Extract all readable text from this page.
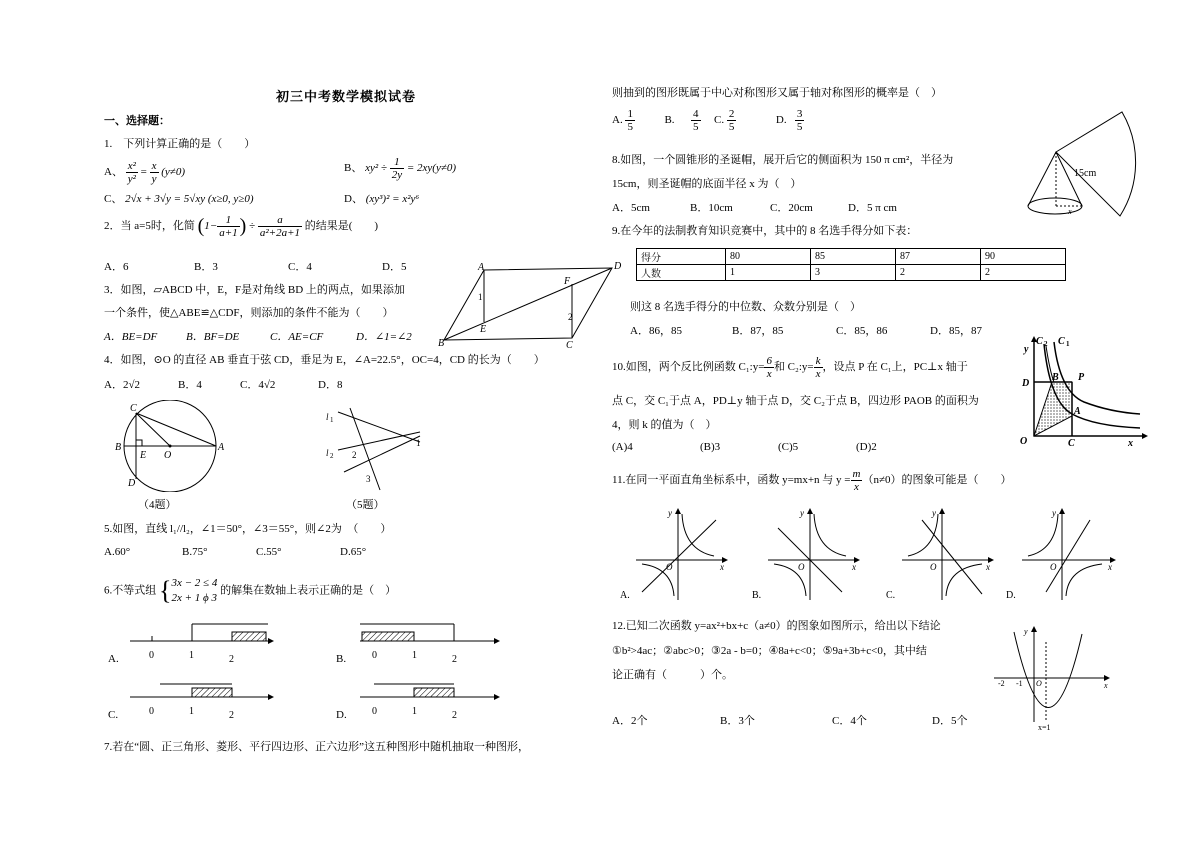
初三中考数学模拟试卷
一、选择题：
1.　下列计算正确的是（　　）
A、 $\frac{\text{x²}}{\text{y²}} = \frac{x}{y} (y\ne 0)$	B、 $xy^2 \div \frac{1}{2y} = 2xy(y\ne 0)$
C、 2√x + 3√y = 5√xy (x≥0, y≥0)	D、 (xy³)² = x²y⁶
2．当 a=5时，化简 ($1- \frac{1}{a+1}$ ) ÷ $\frac{a}{\text{a²+2a+1}}$ 的结果是(　　)
A．6	B．3	C．4	D．5
3．如图，▱ABCD 中，E，F是对角线 BD 上的两点，如果添加
一个条件，使△ABE≌△CDF，则添加的条件不能为（　　）
A．BE=DF	B．BF=DE	C．AE=CF	D．∠1=∠2
A	D
B	C
E
F
1
2
4．如图，⊙O 的直径 AB 垂直于弦 CD，垂足为 E，∠A=22.5°，OC=4，CD 的长为（　　）
A．2√2	B．4	C．4√2	D．8
C
B	A
E O
D
（4题）
l 1
l 2
1
2
3
（5题）
5.如图，直线 l₁//l₂，∠1＝50°，∠3＝55°，则∠2为　（　　）
A.60°	B.75°	C.55°	D.65°
6.不等式组 { 3x − 2 ≤ 4
2x + 1 ϕ 3
的解集在数轴上表示正确的是（　）
A.	0	1	2	B.	0	1	2
C.	0	1	2	D.	0	1	2
7.若在“圆、正三角形、菱形、平行四边形、正六边形”这五种图形中随机抽取一种图形，
则抽到的图形既属于中心对称图形又属于轴对称图形的概率是（　）
A. $\frac{1}{5}$	B. $\frac{4}{5} C$. $\frac{2}{5}$	D. $\frac{3}{5}$
8.如图，一个圆锥形的圣诞帽，展开后它的侧面积为 150 π cm²，半径为
15cm，则圣诞帽的底面半径 x 为（　）
A．5cm	B．10cm	C．20cm	D．5 π cm
15cm
x
9.在今年的法制教育知识竞赛中，其中的 8 名选手得分如下表：
得分	80	85	87	90
人数	1	3	2	2
则这 8 名选手得分的中位数、众数分别是（　）
A．86，85	B．87，85	C．85，86	D．85，87
10.如图，两个反比例函数 C₁:y= $\frac{6}{x}$ 和 C₂:y= $\frac{k}{x}$ ，设点 P 在 C₁上，PC⊥x 轴于
点 C，交 C₁于点 A，PD⊥y 轴于点 D，交 C₂于点 B，四边形 PAOB 的面积为
4，则 k 的值为（　）
(A)4	(B)3	(C)5	(D)2
C 2 C 1
y
D
B P
A
O	C	x
11.在同一平面直角坐标系中，函数 y=mx+n 与 $y = \frac{m}{x} (n\ne 0)$的图象可能是（　　）
y
x
O
A.
y
x
O
B.
y
x
O
C.
y
x
O
D.
12.已知二次函数 y=ax²+bx+c（a≠0）的图象如图所示，给出以下结论
①b²>4ac；②abc>0；③2a - b=0；④8a+c<0；⑤9a+3b+c<0，其中结
论正确有（　　　）个。
A．2个	B．3个	C．4个	D．5个
y
x
-2 -1 O
x=1
